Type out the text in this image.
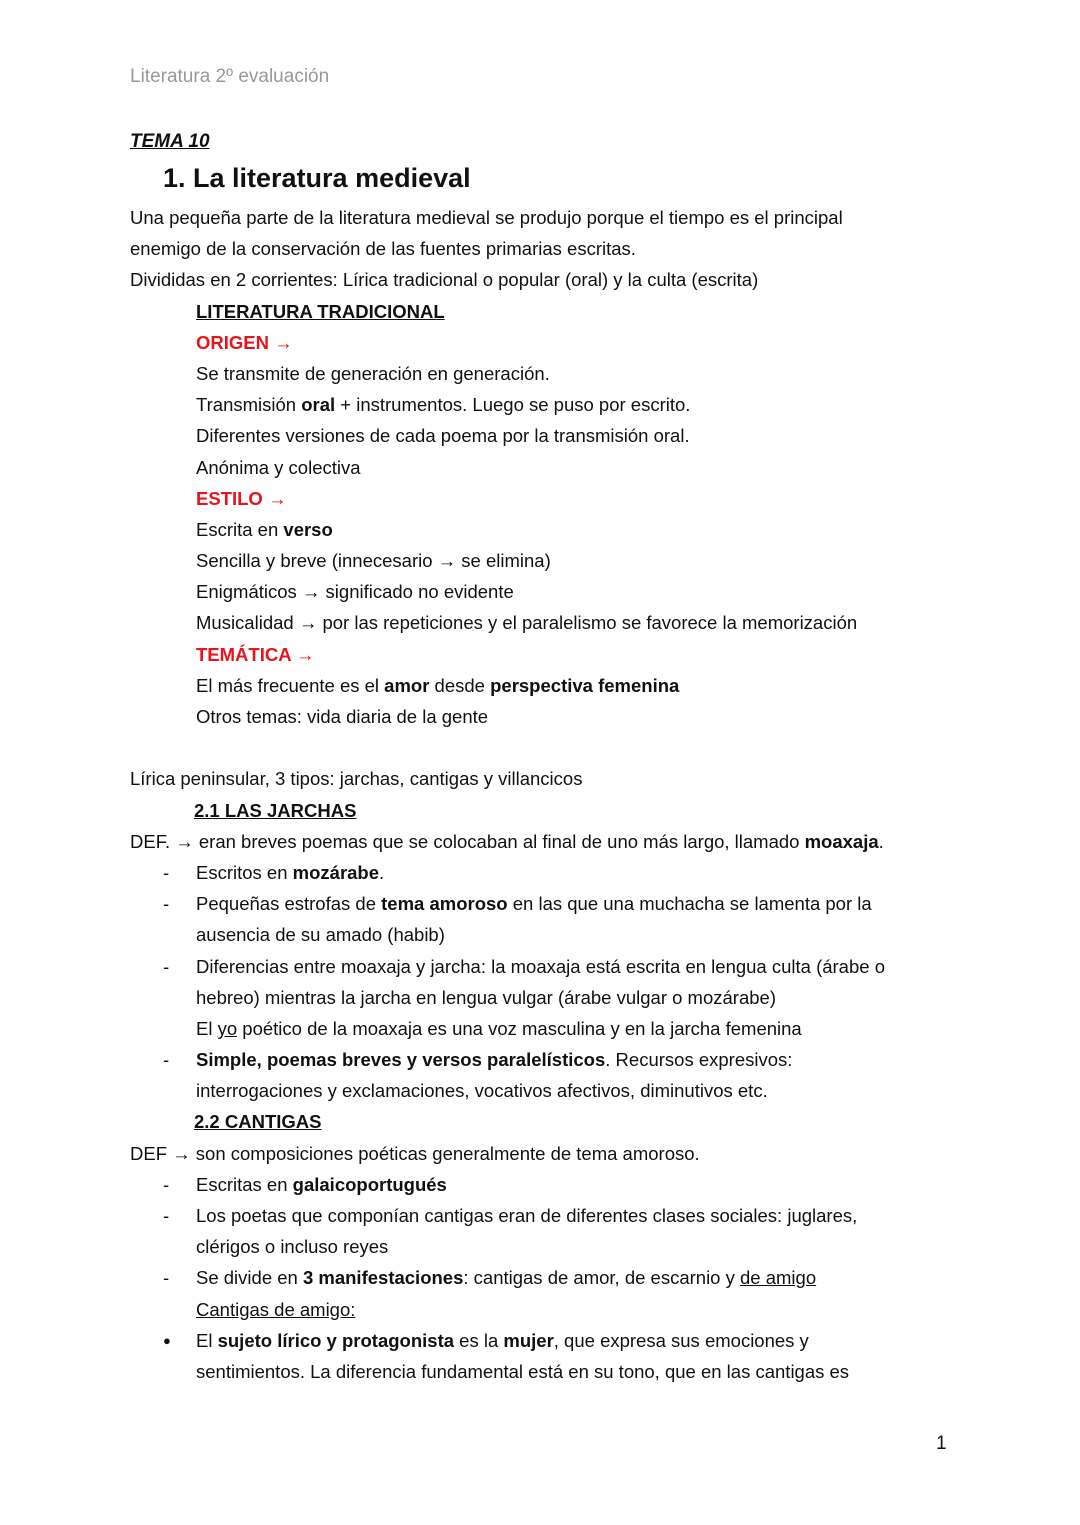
Literatura 2º evaluación
TEMA 10
1. La literatura medieval
Una pequeña parte de la literatura medieval se produjo porque el tiempo es el principal
enemigo de la conservación de las fuentes primarias escritas.
Divididas en 2 corrientes: Lírica tradicional o popular (oral) y la culta (escrita)
LITERATURA TRADICIONAL
ORIGEN →
Se transmite de generación en generación.
Transmisión oral + instrumentos. Luego se puso por escrito.
Diferentes versiones de cada poema por la transmisión oral.
Anónima y colectiva
ESTILO →
Escrita en verso
Sencilla y breve (innecesario → se elimina)
Enigmáticos → significado no evidente
Musicalidad → por las repeticiones y el paralelismo se favorece la memorización
TEMÁTICA →
El más frecuente es el amor desde perspectiva femenina
Otros temas: vida diaria de la gente
Lírica peninsular, 3 tipos: jarchas, cantigas y villancicos
2.1 LAS JARCHAS
DEF. → eran breves poemas que se colocaban al final de uno más largo, llamado moaxaja.
- Escritos en mozárabe.
- Pequeñas estrofas de tema amoroso en las que una muchacha se lamenta por la
ausencia de su amado (habib)
- Diferencias entre moaxaja y jarcha: la moaxaja está escrita en lengua culta (árabe o
hebreo) mientras la jarcha en lengua vulgar (árabe vulgar o mozárabe)
El yo poético de la moaxaja es una voz masculina y en la jarcha femenina
- Simple, poemas breves y versos paralelísticos. Recursos expresivos:
interrogaciones y exclamaciones, vocativos afectivos, diminutivos etc.
2.2 CANTIGAS
DEF → son composiciones poéticas generalmente de tema amoroso.
- Escritas en galaicoportugués
- Los poetas que componían cantigas eran de diferentes clases sociales: juglares,
clérigos o incluso reyes
- Se divide en 3 manifestaciones: cantigas de amor, de escarnio y de amigo
Cantigas de amigo:
● El sujeto lírico y protagonista es la mujer, que expresa sus emociones y
sentimientos. La diferencia fundamental está en su tono, que en las cantigas es
1
